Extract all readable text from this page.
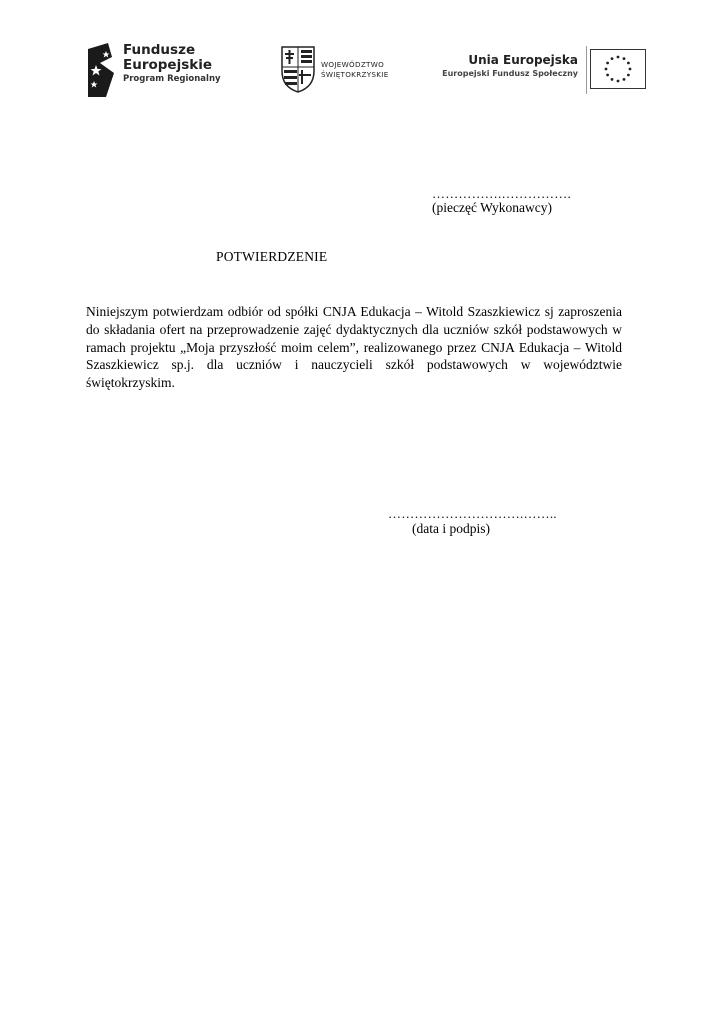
Fundusze
Europejskie
Program Regionalny
WOJEWÓDZTWO
ŚWIĘTOKRZYSKIE
Unia Europejska
Europejski Fundusz Społeczny
…………….…………….
(pieczęć Wykonawcy)
POTWIERDZENIE
Niniejszym potwierdzam odbiór od spółki CNJA Edukacja – Witold Szaszkiewicz sj zaproszenia do składania ofert na przeprowadzenie zajęć dydaktycznych dla uczniów szkół podstawowych w ramach projektu „Moja przyszłość moim celem”, realizowanego przez CNJA Edukacja – Witold Szaszkiewicz sp.j. dla uczniów i nauczycieli szkół podstawowych w województwie świętokrzyskim.
………………………….……..
(data i podpis)
